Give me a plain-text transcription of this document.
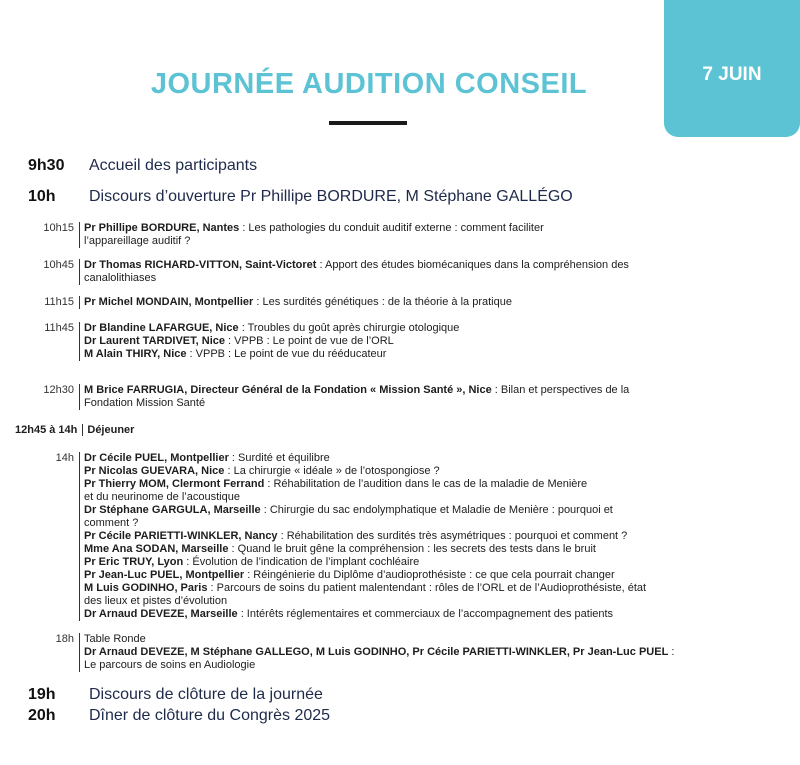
7 JUIN
JOURNÉE AUDITION CONSEIL
9h30	Accueil des participants
10h	Discours d’ouverture Pr Phillipe BORDURE, M Stéphane GALLÉGO
10h15 Pr Phillipe BORDURE, Nantes : Les pathologies du conduit auditif externe : comment faciliter
l’appareillage auditif ?
10h45 Dr Thomas RICHARD-VITTON, Saint-Victoret : Apport des études biomécaniques dans la compréhension des
canalolithiases
11h15 Pr Michel MONDAIN, Montpellier : Les surdités génétiques : de la théorie à la pratique
11h45 Dr Blandine LAFARGUE, Nice : Troubles du goût après chirurgie otologique
Dr Laurent TARDIVET, Nice : VPPB : Le point de vue de l’ORL
M Alain THIRY, Nice : VPPB : Le point de vue du rééducateur
12h30 M Brice FARRUGIA, Directeur Général de la Fondation « Mission Santé », Nice : Bilan et perspectives de la
Fondation Mission Santé
12h45 à 14h Déjeuner
14h Dr Cécile PUEL, Montpellier : Surdité et équilibre
Pr Nicolas GUEVARA, Nice : La chirurgie « idéale » de l’otospongiose ?
Pr Thierry MOM, Clermont Ferrand : Réhabilitation de l’audition dans le cas de la maladie de Menière
et du neurinome de l’acoustique
Dr Stéphane GARGULA, Marseille : Chirurgie du sac endolymphatique et Maladie de Menière : pourquoi et
comment ?
Pr Cécile PARIETTI-WINKLER, Nancy : Réhabilitation des surdités très asymétriques : pourquoi et comment ?
Mme Ana SODAN, Marseille : Quand le bruit gêne la compréhension : les secrets des tests dans le bruit
Pr Eric TRUY, Lyon : Évolution de l’indication de l’implant cochléaire
Pr Jean-Luc PUEL, Montpellier : Réingénierie du Diplôme d’audioprothésiste : ce que cela pourrait changer
M Luis GODINHO, Paris : Parcours de soins du patient malentendant : rôles de l’ORL et de l’Audioprothésiste, état
des lieux et pistes d’évolution
Dr Arnaud DEVEZE, Marseille : Intérêts réglementaires et commerciaux de l’accompagnement des patients
18h Table Ronde
Dr Arnaud DEVEZE, M Stéphane GALLEGO, M Luis GODINHO, Pr Cécile PARIETTI-WINKLER, Pr Jean-Luc PUEL :
Le parcours de soins en Audiologie
19h	Discours de clôture de la journée
20h	Dîner de clôture du Congrès 2025
